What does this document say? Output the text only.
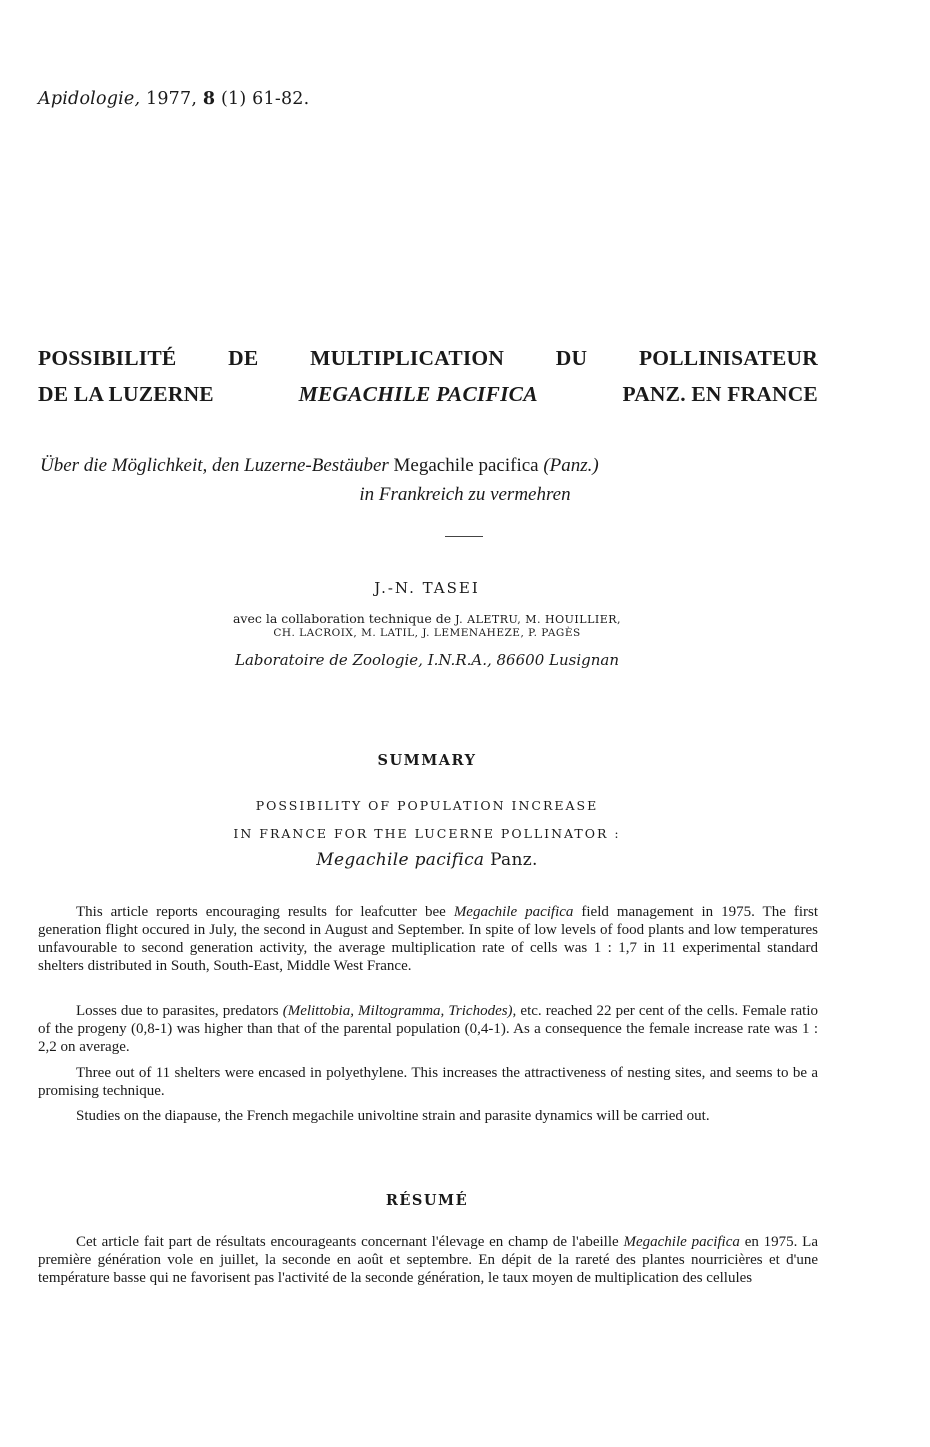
Apidologie, 1977, 8 (1) 61-82.
POSSIBILITÉ DE MULTIPLICATION DU POLLINISATEUR
DE LA LUZERNE	MEGACHILE PACIFICA	PANZ. EN FRANCE
Über die Möglichkeit, den Luzerne-Bestäuber Megachile pacifica (Panz.)
in Frankreich zu vermehren
J.-N. TASEI
avec la collaboration technique de J. ALETRU, M. HOUILLIER,
CH. LACROIX, M. LATIL, J. LEMENAHEZE, P. PAGÈS
Laboratoire de Zoologie, I.N.R.A., 86600 Lusignan
SUMMARY
POSSIBILITY OF POPULATION INCREASE
IN FRANCE FOR THE LUCERNE POLLINATOR :
Megachile pacifica Panz.
This article reports encouraging results for leafcutter bee Megachile pacifica field management in 1975. The first generation flight occured in July, the second in August and September. In spite of low levels of food plants and low temperatures unfavourable to second generation activity, the average multiplication rate of cells was 1 : 1,7 in 11 experimental standard shelters distributed in South, South-East, Middle West France.
Losses due to parasites, predators (Melittobia, Miltogramma, Trichodes), etc. reached 22 per cent of the cells. Female ratio of the progeny (0,8-1) was higher than that of the parental population (0,4-1). As a consequence the female increase rate was 1 : 2,2 on average.
Three out of 11 shelters were encased in polyethylene. This increases the attractiveness of nesting sites, and seems to be a promising technique.
Studies on the diapause, the French megachile univoltine strain and parasite dynamics will be carried out.
RÉSUMÉ
Cet article fait part de résultats encourageants concernant l'élevage en champ de l'abeille Megachile pacifica en 1975. La première génération vole en juillet, la seconde en août et septembre. En dépit de la rareté des plantes nourricières et d'une température basse qui ne favorisent pas l'activité de la seconde génération, le taux moyen de multiplication des cellules
